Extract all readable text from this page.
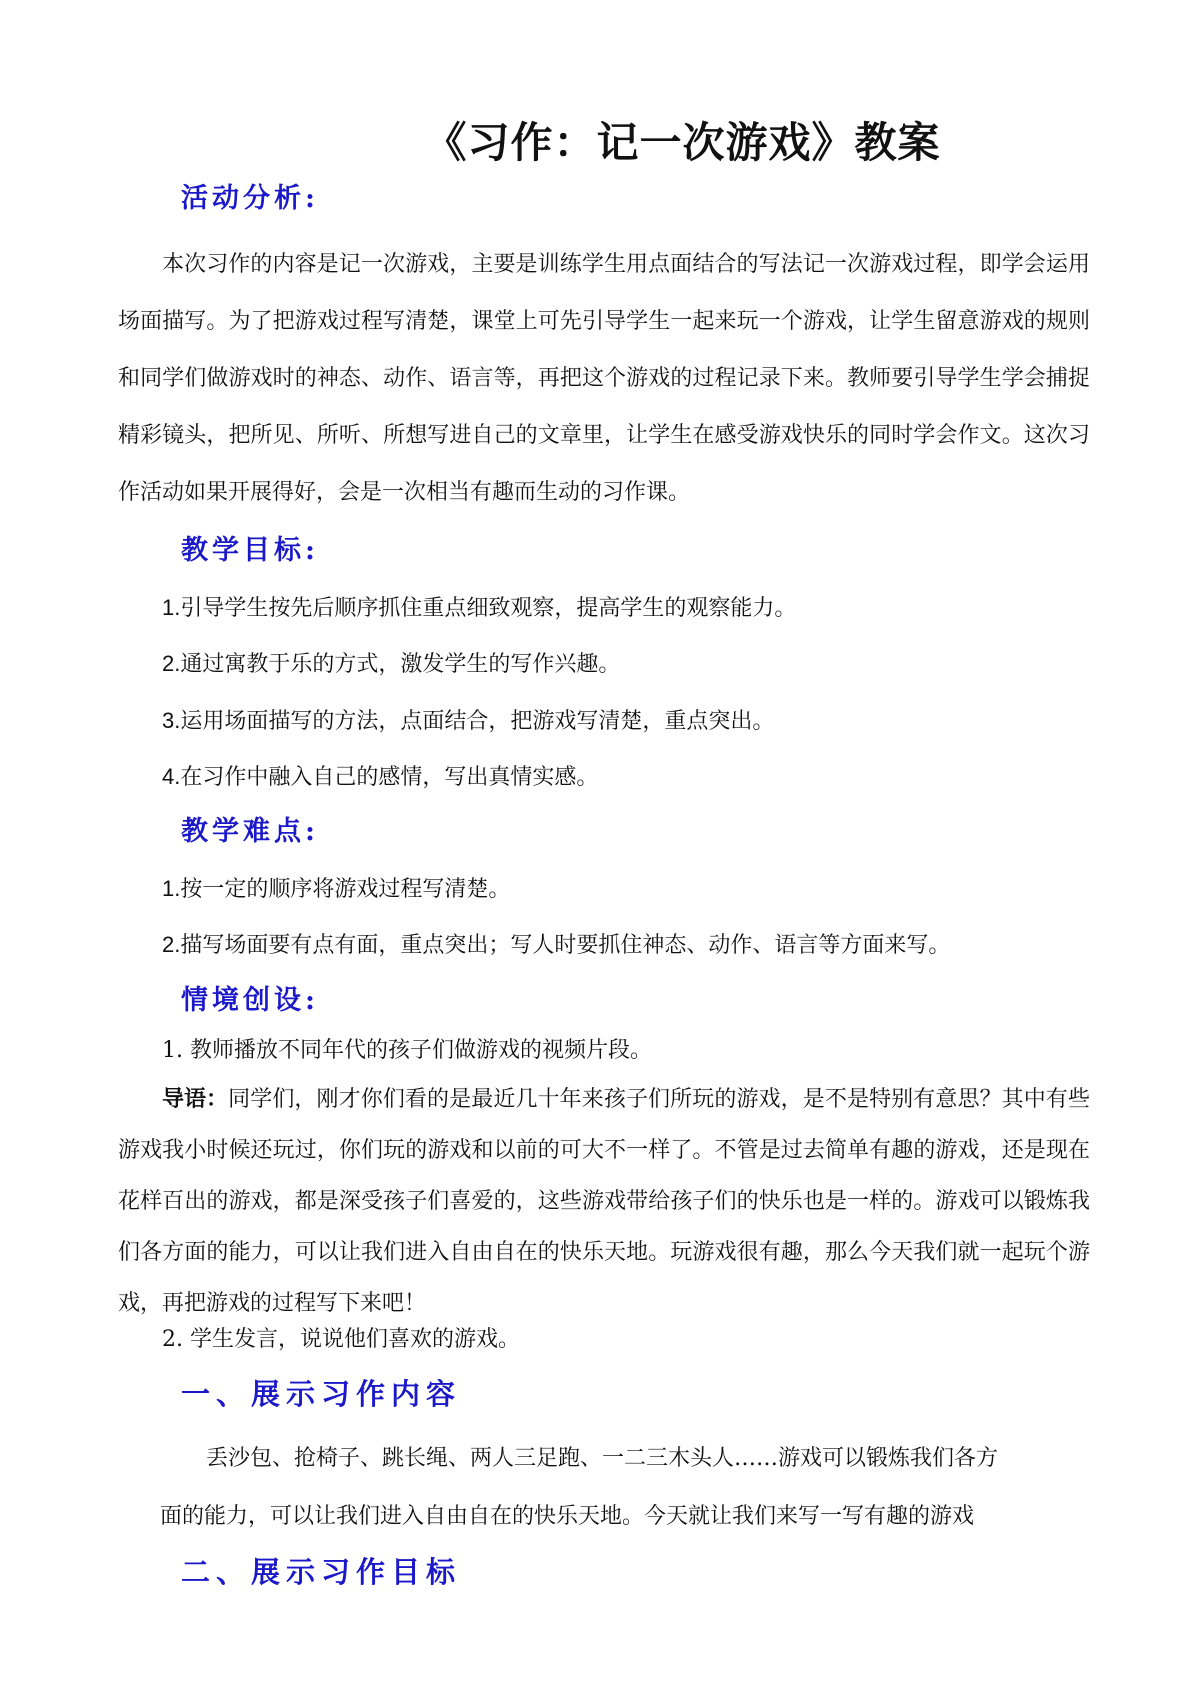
《习作：记一次游戏》教案
活动分析:
本次习作的内容是记一次游戏，主要是训练学生用点面结合的写法记一次游戏过程，即学会运用场面描写。为了把游戏过程写清楚，课堂上可先引导学生一起来玩一个游戏，让学生留意游戏的规则和同学们做游戏时的神态、动作、语言等，再把这个游戏的过程记录下来。教师要引导学生学会捕捉精彩镜头，把所见、所听、所想写进自己的文章里，让学生在感受游戏快乐的同时学会作文。这次习作活动如果开展得好，会是一次相当有趣而生动的习作课。
教学目标:
1.引导学生按先后顺序抓住重点细致观察，提高学生的观察能力。
2.通过寓教于乐的方式，激发学生的写作兴趣。
3.运用场面描写的方法，点面结合，把游戏写清楚，重点突出。
4.在习作中融入自己的感情，写出真情实感。
教学难点:
1.按一定的顺序将游戏过程写清楚。
2.描写场面要有点有面，重点突出；写人时要抓住神态、动作、语言等方面来写。
情境创设:
1. 教师播放不同年代的孩子们做游戏的视频片段。
导语：同学们，刚才你们看的是最近几十年来孩子们所玩的游戏，是不是特别有意思？其中有些游戏我小时候还玩过，你们玩的游戏和以前的可大不一样了。不管是过去简单有趣的游戏，还是现在花样百出的游戏，都是深受孩子们喜爱的，这些游戏带给孩子们的快乐也是一样的。游戏可以锻炼我们各方面的能力，可以让我们进入自由自在的快乐天地。玩游戏很有趣，那么今天我们就一起玩个游戏，再把游戏的过程写下来吧！
2. 学生发言，说说他们喜欢的游戏。
一、展示习作内容
丢沙包、抢椅子、跳长绳、两人三足跑、一二三木头人……游戏可以锻炼我们各方
面的能力，可以让我们进入自由自在的快乐天地。今天就让我们来写一写有趣的游戏
二、展示习作目标
